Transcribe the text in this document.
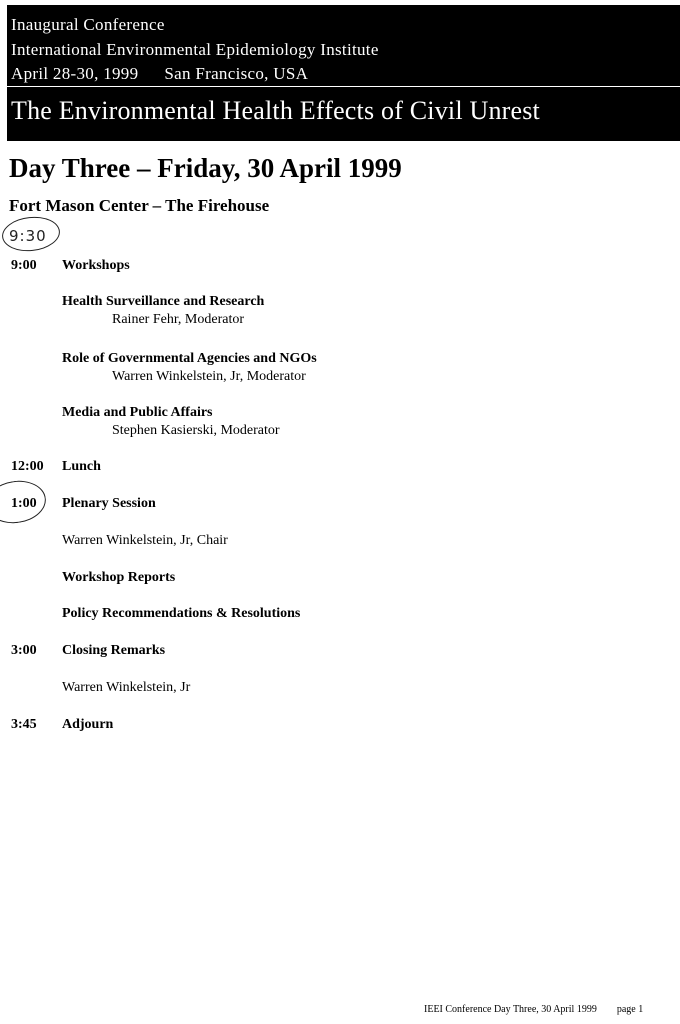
Inaugural Conference
International Environmental Epidemiology Institute
April 28-30, 1999 San Francisco, USA
The Environmental Health Effects of Civil Unrest
Day Three – Friday, 30 April 1999
Fort Mason Center – The Firehouse
9:30
9:00 Workshops
Health Surveillance and Research
Rainer Fehr, Moderator
Role of Governmental Agencies and NGOs
Warren Winkelstein, Jr, Moderator
Media and Public Affairs
Stephen Kasierski, Moderator
12:00 Lunch
1:00 Plenary Session
Warren Winkelstein, Jr, Chair
Workshop Reports
Policy Recommendations & Resolutions
3:00 Closing Remarks
Warren Winkelstein, Jr
3:45 Adjourn
IEEI Conference Day Three, 30 April 1999 page 1
